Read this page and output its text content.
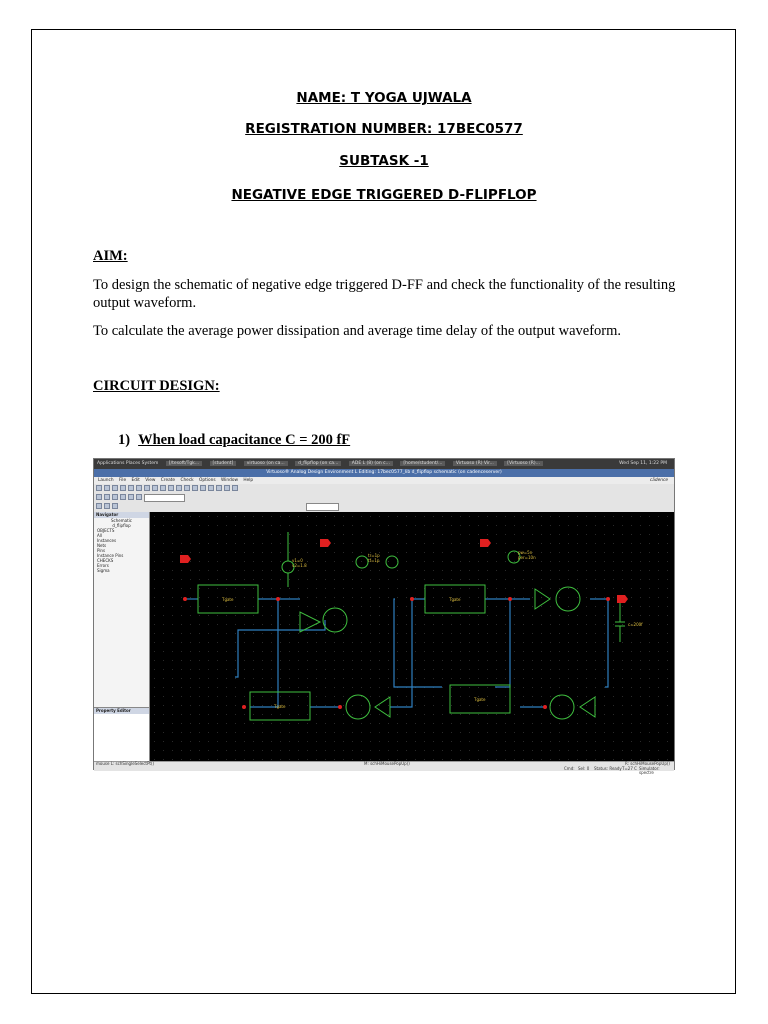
NAME: T YOGA UJWALA
REGISTRATION NUMBER: 17BEC0577
SUBTASK -1
NEGATIVE EDGE TRIGGERED D-FLIPFLOP
AIM:
To design the schematic of negative edge triggered D-FF and check the functionality of the resulting output waveform.
To calculate the average power dissipation and average time delay of the output waveform.
CIRCUIT DESIGN:
1) When load capacitance C = 200 fF
Applications Places System [/tesoft/Tgk...	[student]	virtuoso (on ca...	d_flipflop (on ca...	ADE L (8) (on c...	[home/student/...	Virtuoso (R) Vir...	[Virtuoso (R)...	Wed Sep 11, 1:22 PM
Virtuoso® Analog Design Environment L Editing: 17bec0577_lib d_flipflop schematic (on cadenceserver)
Launch File Edit View Create Check Options Window Help	cādence
Navigator
Schematic
d_flipflop
OBJECTS
All
Instances
Nets
Pins
Instance Pins
CHECKS
Errors
Sigma
Property Editor
Tgate
Tgate
Tgate
Tgate
v1=0
v2=1.8
tr=1p
tf=1p
pw=5n
per=10n
c=200f
mouse L: schSingleSelectPt()	M: schHiMousePopUp()	R: schHiMousePopUp()
Cmd: Sel: 0 Status: Ready T=27 C Simulator: spectre
